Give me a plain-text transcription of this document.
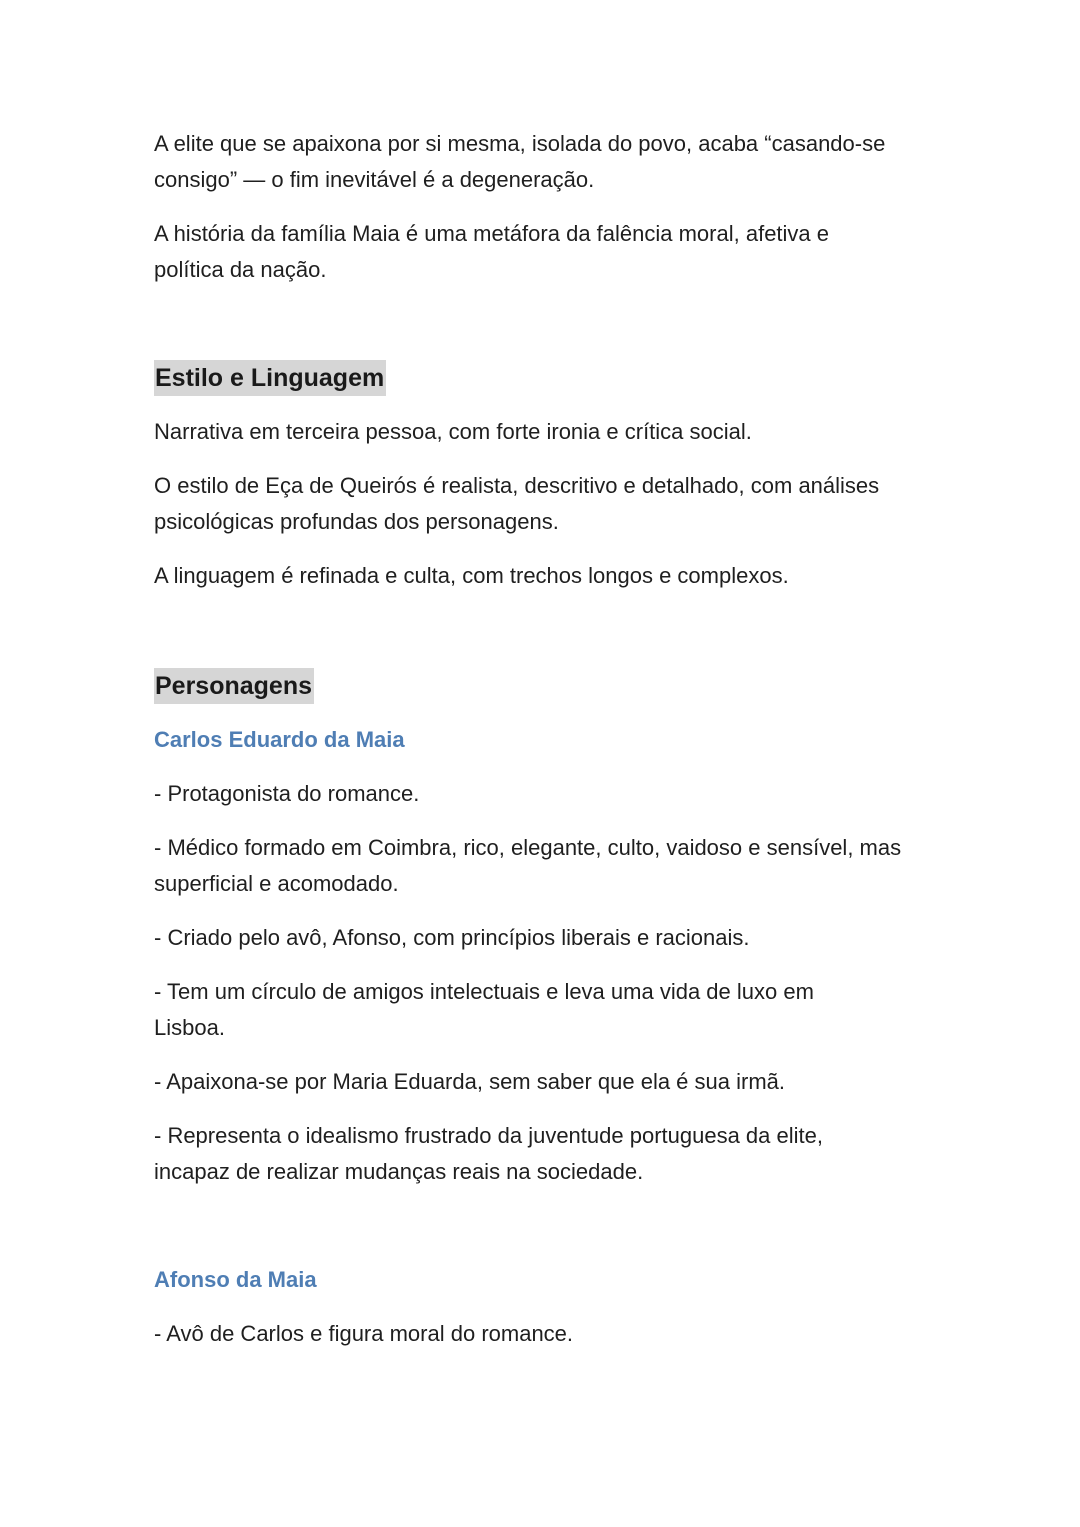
A elite que se apaixona por si mesma, isolada do povo, acaba “casando-se consigo” — o fim inevitável é a degeneração.

A história da família Maia é uma metáfora da falência moral, afetiva e política da nação.

Estilo e Linguagem

Narrativa em terceira pessoa, com forte ironia e crítica social.

O estilo de Eça de Queirós é realista, descritivo e detalhado, com análises psicológicas profundas dos personagens.

A linguagem é refinada e culta, com trechos longos e complexos.

Personagens

Carlos Eduardo da Maia

- Protagonista do romance.

- Médico formado em Coimbra, rico, elegante, culto, vaidoso e sensível, mas superficial e acomodado.

- Criado pelo avô, Afonso, com princípios liberais e racionais.

- Tem um círculo de amigos intelectuais e leva uma vida de luxo em Lisboa.

- Apaixona-se por Maria Eduarda, sem saber que ela é sua irmã.

- Representa o idealismo frustrado da juventude portuguesa da elite, incapaz de realizar mudanças reais na sociedade.

Afonso da Maia

- Avô de Carlos e figura moral do romance.
